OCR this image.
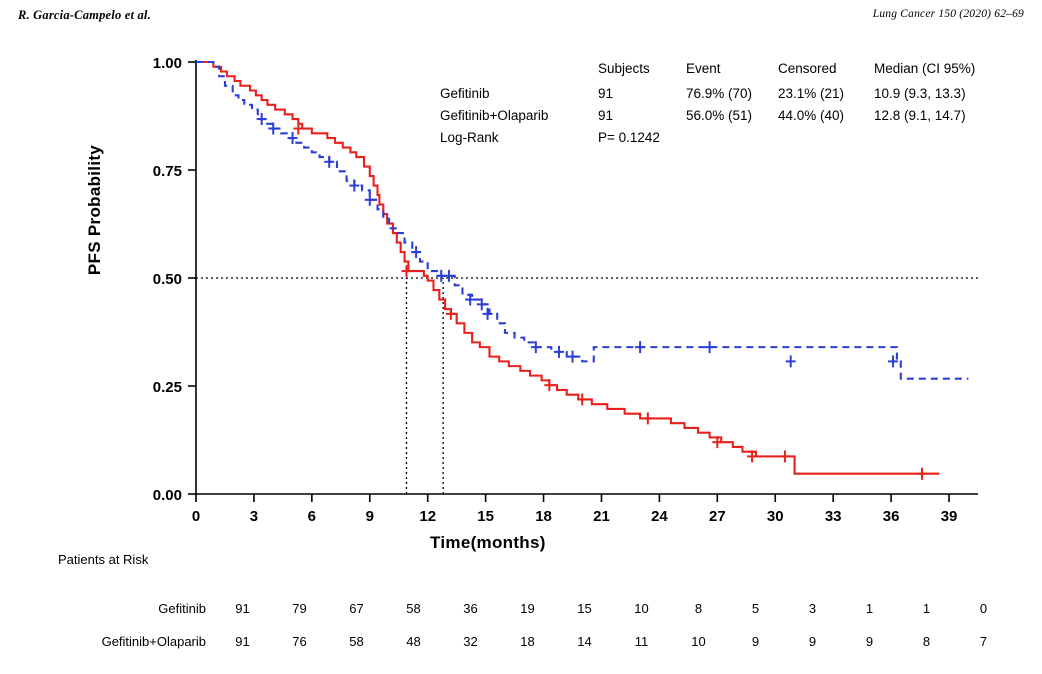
R. Garcia-Campelo et al.	Lung Cancer 150 (2020) 62–69
0	3	6	9	12	15	18	21	24	27	30	33	36	39
0.00
0.25
0.50
0.75
1.00
PFS Probability
Time(months)
	Subjects	Event	Censored	Median (CI 95%)
Gefitinib	91	76.9% (70)	23.1% (21)	10.9 (9.3, 13.3)
Gefitinib+Olaparib	91	56.0% (51)	44.0% (40)	12.8 (9.1, 14.7)
Log-Rank	P= 0.1242			
Patients at Risk
Gefitinib	91	79	67	58	36	19	15	10	8	5	3	1	1	0
Gefitinib+Olaparib	91	76	58	48	32	18	14	11	10	9	9	9	8	7
